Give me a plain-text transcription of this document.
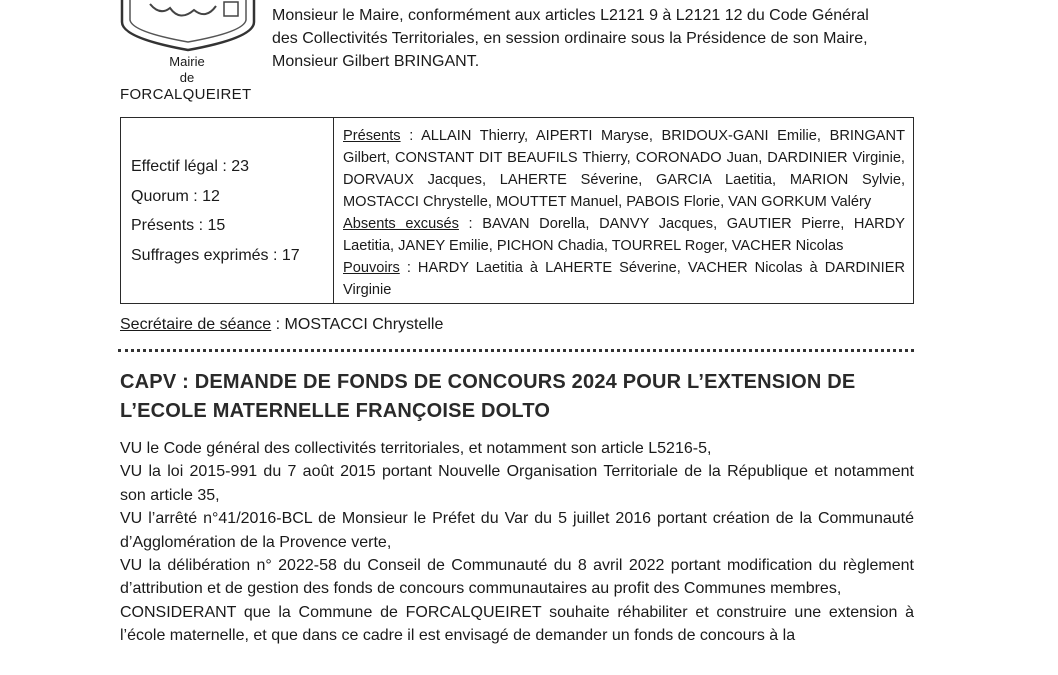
Mairie
de
FORCALQUEIRET

Monsieur le Maire, conformément aux articles L2121 9 à L2121 12 du Code Général

des Collectivités Territoriales, en session ordinaire sous la Présidence de son Maire,

Monsieur Gilbert BRINGANT.

Effectif légal : 23
Quorum : 12
Présents : 15
Suffrages exprimés : 17

Présents : ALLAIN Thierry, AIPERTI Maryse, BRIDOUX-GANI Emilie, BRINGANT Gilbert, CONSTANT DIT BEAUFILS Thierry, CORONADO Juan, DARDINIER Virginie, DORVAUX Jacques, LAHERTE Séverine, GARCIA Laetitia, MARION Sylvie, MOSTACCI Chrystelle, MOUTTET Manuel, PABOIS Florie, VAN GORKUM Valéry

Absents excusés : BAVAN Dorella, DANVY Jacques, GAUTIER Pierre, HARDY Laetitia, JANEY Emilie, PICHON Chadia, TOURREL Roger, VACHER Nicolas

Pouvoirs : HARDY Laetitia à LAHERTE Séverine, VACHER Nicolas à DARDINIER Virginie

Secrétaire de séance : MOSTACCI Chrystelle
CAPV : DEMANDE DE FONDS DE CONCOURS 2024 POUR L’EXTENSION DE L’ECOLE MATERNELLE FRANÇOISE DOLTO

VU le Code général des collectivités territoriales, et notamment son article L5216-5,

VU la loi 2015-991 du 7 août 2015 portant Nouvelle Organisation Territoriale de la République et notamment son article 35,

VU l’arrêté n°41/2016-BCL de Monsieur le Préfet du Var du 5 juillet 2016 portant création de la Communauté d’Agglomération de la Provence verte,

VU la délibération n° 2022-58 du Conseil de Communauté du 8 avril 2022 portant modification du règlement d’attribution et de gestion des fonds de concours communautaires au profit des Communes membres,

CONSIDERANT que la Commune de FORCALQUEIRET souhaite réhabiliter et construire une extension à l’école maternelle, et que dans ce cadre il est envisagé de demander un fonds de concours à la
